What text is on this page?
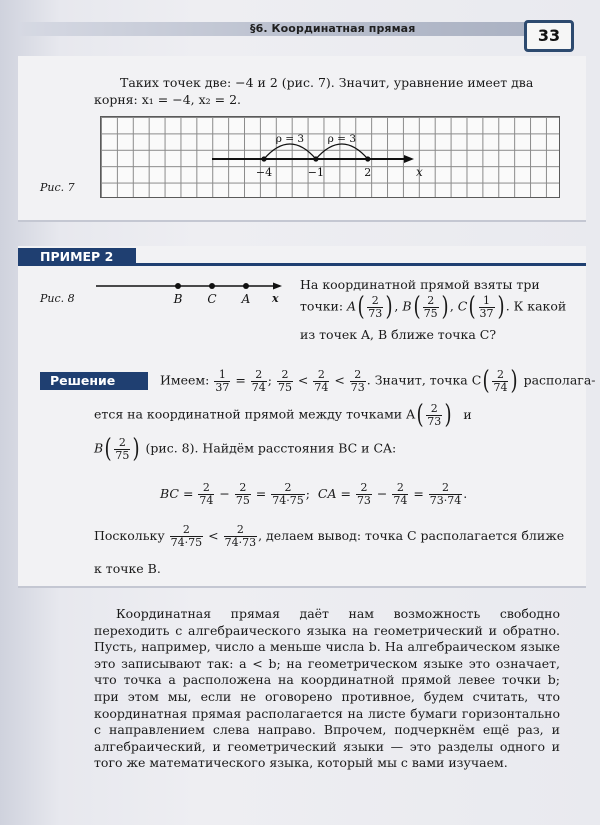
§6. Координатная прямая	33
Таких точек две: −4 и 2 (рис. 7). Значит, уравнение имеет два
корня: x₁ = −4, x₂ = 2.
−4	−1	2
ρ = 3 ρ = 3
Рис. 7
x
ПРИМЕР 2
Рис. 8	B C A x
На координатной прямой взяты три
точки: $A( \frac{2}{73}$ ) , $B( \frac{2}{75}$ ) , $C( \frac{1}{37}$ ) . К какой
из точек A, B ближе точка C?
Решение	Имеем: $\frac{1}{37} = \frac{2}{74}$ ; $\frac{2}{75} < \frac{2}{74} < \frac{2}{73}$ . Значит, точка $C( \frac{2}{74}$ ) располага-
ется на координатной прямой между точками $A( \frac{2}{73}$ ) и
$B( \frac{2}{75}$ ) (рис. 8). Найдём расстояния BC и CA:
BC = $\frac{2}{74} - \frac{2}{75} = \frac{2}{74\cdot 75}$ ;  CA = $\frac{2}{73} - \frac{2}{74} = \frac{2}{73\cdot 74}$ .
Поскольку $\frac{2}{74\cdot 75} < \frac{2}{74\cdot 73}$ , делаем вывод: точка C располагается ближе
к точке B.

Координатная прямая даёт нам возможность свободно переходить с алгебраического языка на геометрический и обратно. Пусть, например, число a меньше числа b. На алгебраическом языке это записывают так: a < b; на геометрическом языке это означает, что точка a расположена на координатной прямой левее точки b; при этом мы, если не оговорено противное, будем считать, что координатная прямая располагается на листе бумаги горизонтально с направлением слева направо. Впрочем, подчеркнём ещё раз, и алгебраический, и геометрический языки — это разделы одного и того же математического языка, который мы с вами изучаем.
